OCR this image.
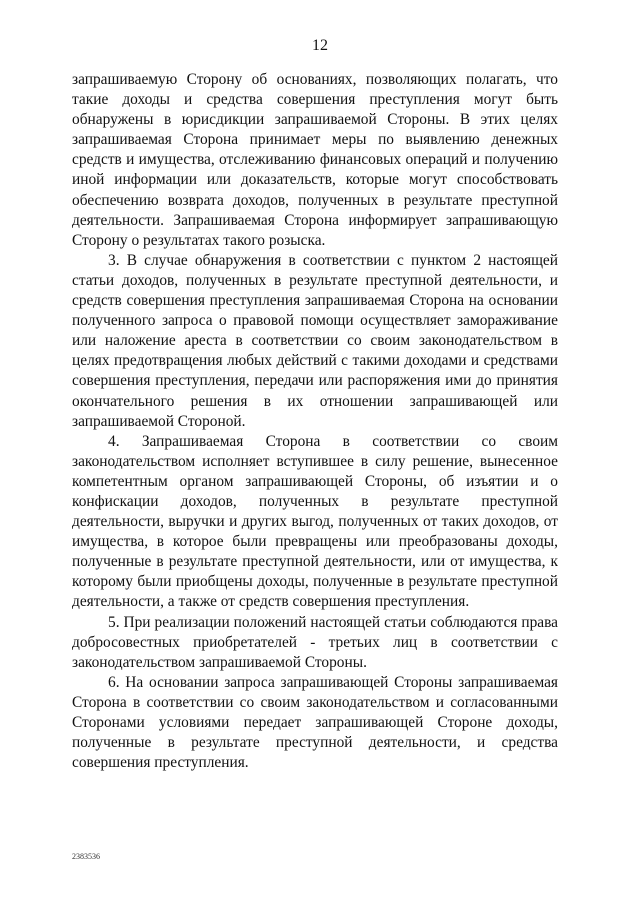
12

запрашиваемую Сторону об основаниях, позволяющих полагать, что такие доходы и средства совершения преступления могут быть обнаружены в юрисдикции запрашиваемой Стороны. В этих целях запрашиваемая Сторона принимает меры по выявлению денежных средств и имущества, отслеживанию финансовых операций и получению иной информации или доказательств, которые могут способствовать обеспечению возврата доходов, полученных в результате преступной деятельности. Запрашиваемая Сторона информирует запрашивающую Сторону о результатах такого розыска.

3. В случае обнаружения в соответствии с пунктом 2 настоящей статьи доходов, полученных в результате преступной деятельности, и средств совершения преступления запрашиваемая Сторона на основании полученного запроса о правовой помощи осуществляет замораживание или наложение ареста в соответствии со своим законодательством в целях предотвращения любых действий с такими доходами и средствами совершения преступления, передачи или распоряжения ими до принятия окончательного решения в их отношении запрашивающей или запрашиваемой Стороной.

4. Запрашиваемая Сторона в соответствии со своим законодательством исполняет вступившее в силу решение, вынесенное компетентным органом запрашивающей Стороны, об изъятии и о конфискации доходов, полученных в результате преступной деятельности, выручки и других выгод, полученных от таких доходов, от имущества, в которое были превращены или преобразованы доходы, полученные в результате преступной деятельности, или от имущества, к которому были приобщены доходы, полученные в результате преступной деятельности, а также от средств совершения преступления.

5. При реализации положений настоящей статьи соблюдаются права добросовестных приобретателей - третьих лиц в соответствии с законодательством запрашиваемой Стороны.

6. На основании запроса запрашивающей Стороны запрашиваемая Сторона в соответствии со своим законодательством и согласованными Сторонами условиями передает запрашивающей Стороне доходы, полученные в результате преступной деятельности, и средства совершения преступления.

2383536
